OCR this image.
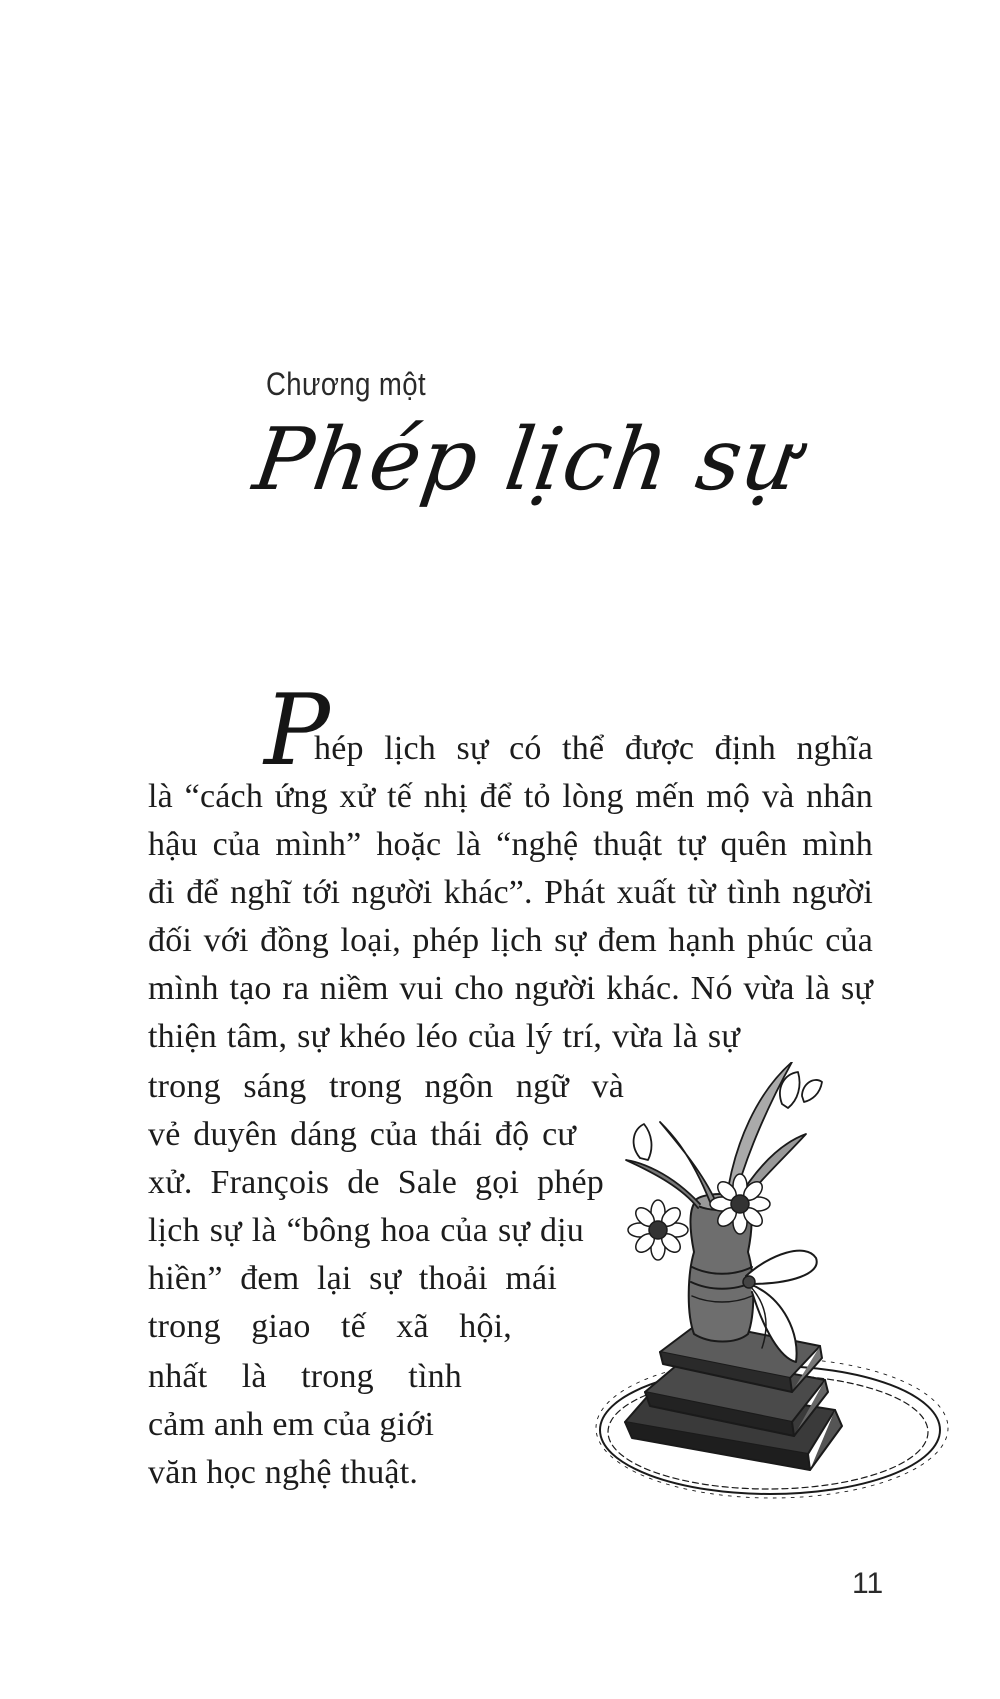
Chương một
Phép lịch sự
P
hép lịch sự có thể được định nghĩa
là “cách ứng xử tế nhị để tỏ lòng mến mộ và nhân
hậu của mình” hoặc là “nghệ thuật tự quên mình
đi để nghĩ tới người khác”. Phát xuất từ tình người
đối với đồng loại, phép lịch sự đem hạnh phúc của
mình tạo ra niềm vui cho người khác. Nó vừa là sự
thiện tâm, sự khéo léo của lý trí, vừa là sự
trong sáng trong ngôn ngữ và
vẻ duyên dáng của thái độ cư
xử. François de Sale gọi phép
lịch sự là “bông hoa của sự dịu
hiền” đem lại sự thoải mái
trong giao tế xã hội,
nhất là trong tình
cảm anh em của giới
văn học nghệ thuật.
11
